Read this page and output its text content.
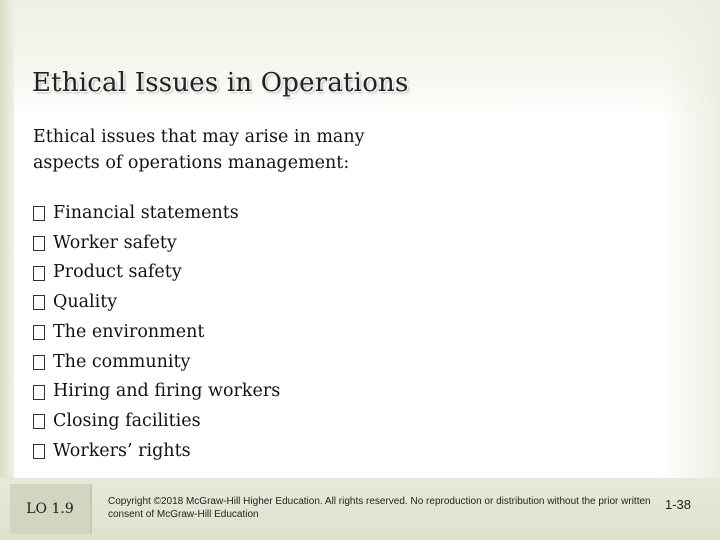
Ethical Issues in Operations
Ethical issues that may arise in many aspects of operations management:
Financial statements
Worker safety
Product safety
Quality
The environment
The community
Hiring and firing workers
Closing facilities
Workers’ rights
LO 1.9	Copyright ©2018 McGraw-Hill Higher Education. All rights reserved. No reproduction or distribution without the prior written consent of McGraw-Hill Education
1-38
